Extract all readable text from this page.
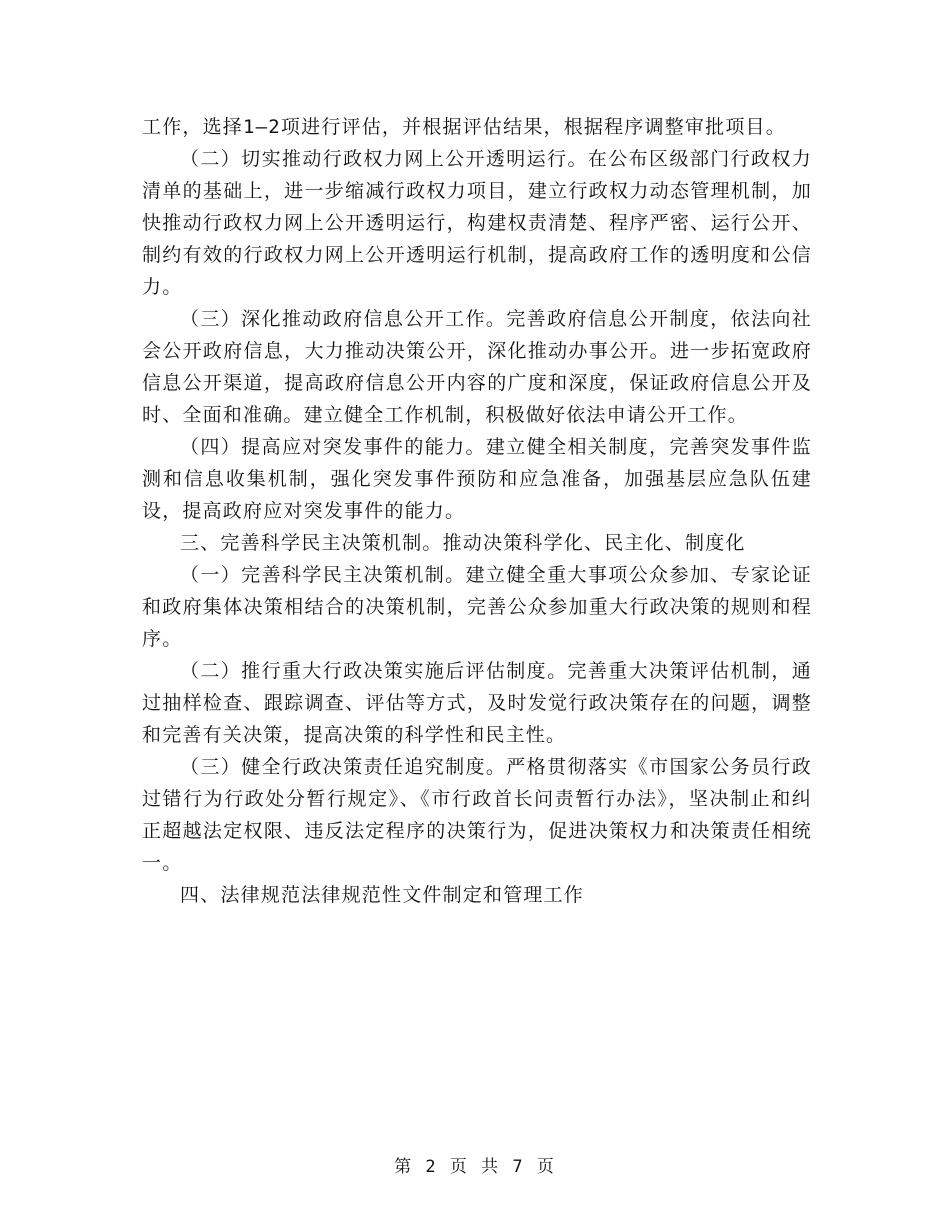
工作，选择1—2项进行评估，并根据评估结果，根据程序调整审批项目。

（二）切实推动行政权力网上公开透明运行。在公布区级部门行政权力清单的基础上，进一步缩减行政权力项目，建立行政权力动态管理机制，加快推动行政权力网上公开透明运行，构建权责清楚、程序严密、运行公开、制约有效的行政权力网上公开透明运行机制，提高政府工作的透明度和公信力。

（三）深化推动政府信息公开工作。完善政府信息公开制度，依法向社会公开政府信息，大力推动决策公开，深化推动办事公开。进一步拓宽政府信息公开渠道，提高政府信息公开内容的广度和深度，保证政府信息公开及时、全面和准确。建立健全工作机制，积极做好依法申请公开工作。

（四）提高应对突发事件的能力。建立健全相关制度，完善突发事件监测和信息收集机制，强化突发事件预防和应急准备，加强基层应急队伍建设，提高政府应对突发事件的能力。

三、完善科学民主决策机制。推动决策科学化、民主化、制度化

（一）完善科学民主决策机制。建立健全重大事项公众参加、专家论证和政府集体决策相结合的决策机制，完善公众参加重大行政决策的规则和程序。

（二）推行重大行政决策实施后评估制度。完善重大决策评估机制，通过抽样检查、跟踪调查、评估等方式，及时发觉行政决策存在的问题，调整和完善有关决策，提高决策的科学性和民主性。

（三）健全行政决策责任追究制度。严格贯彻落实《市国家公务员行政过错行为行政处分暂行规定》、《市行政首长问责暂行办法》，坚决制止和纠正超越法定权限、违反法定程序的决策行为，促进决策权力和决策责任相统一。

四、法律规范法律规范性文件制定和管理工作

第 2 页 共 7 页
